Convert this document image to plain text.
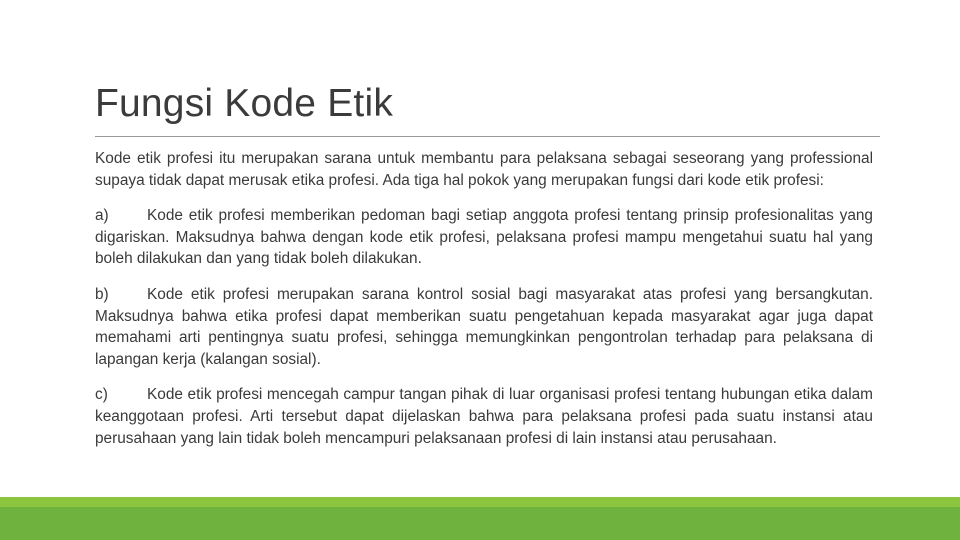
Fungsi Kode Etik

Kode etik profesi itu merupakan sarana untuk membantu para pelaksana sebagai seseorang yang professional supaya tidak dapat merusak etika profesi. Ada tiga hal pokok yang merupakan fungsi dari kode etik profesi:

a) Kode etik profesi memberikan pedoman bagi setiap anggota profesi tentang prinsip profesionalitas yang digariskan. Maksudnya bahwa dengan kode etik profesi, pelaksana profesi mampu mengetahui suatu hal yang boleh dilakukan dan yang tidak boleh dilakukan.

b) Kode etik profesi merupakan sarana kontrol sosial bagi masyarakat atas profesi yang bersangkutan. Maksudnya bahwa etika profesi dapat memberikan suatu pengetahuan kepada masyarakat agar juga dapat memahami arti pentingnya suatu profesi, sehingga memungkinkan pengontrolan terhadap para pelaksana di lapangan kerja (kalangan sosial).

c)	Kode etik profesi mencegah campur tangan pihak di luar organisasi profesi tentang hubungan etika dalam keanggotaan profesi. Arti tersebut dapat dijelaskan bahwa para pelaksana profesi pada suatu instansi atau perusahaan yang lain tidak boleh mencampuri pelaksanaan profesi di lain instansi atau perusahaan.
